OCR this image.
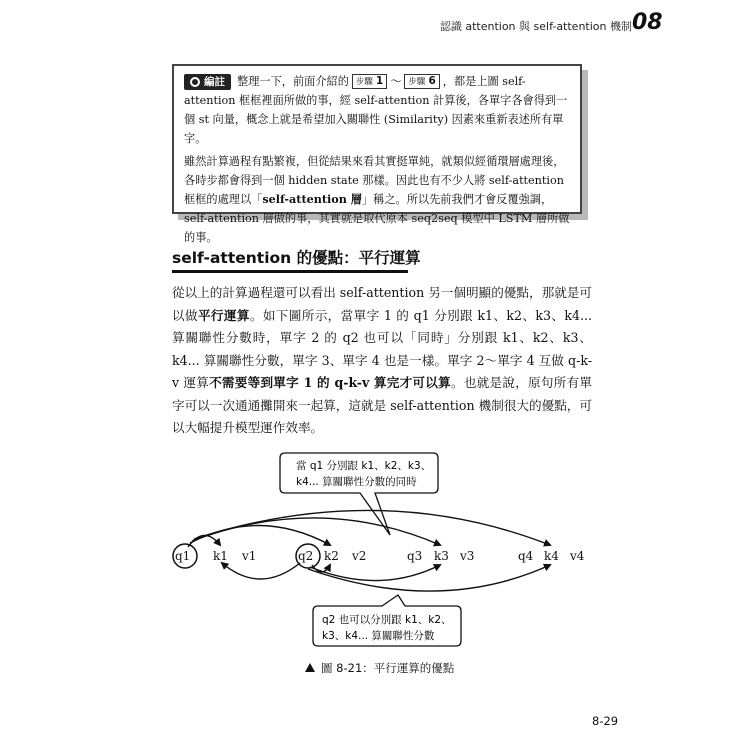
認識 attention 與 self-attention 機制 08

編註 整理一下，前面介紹的 步驟 1 ～ 步驟 6 ，都是上圖 self-attention 框框裡面所做的事，經 self-attention 計算後，各單字各會得到一個 st 向量，概念上就是希望加入關聯性 (Similarity) 因素來重新表述所有單字。

雖然計算過程有點繁複，但從結果來看其實挺單純，就類似經循環層處理後，各時步都會得到一個 hidden state 那樣。因此也有不少人將 self-attention 框框的處理以「self-attention 層」稱之。所以先前我們才會反覆強調，self-attention 層做的事，其實就是取代原本 seq2seq 模型中 LSTM 層所做的事。

self-attention 的優點：平行運算

從以上的計算過程還可以看出 self-attention 另一個明顯的優點，那就是可以做平行運算。如下圖所示，當單字 1 的 q1 分別跟 k1、k2、k3、k4... 算關聯性分數時，單字 2 的 q2 也可以「同時」分別跟 k1、k2、k3、k4... 算關聯性分數，單字 3、單字 4 也是一樣。單字 2～單字 4 互做 q-k-v 運算不需要等到單字 1 的 q-k-v 算完才可以算。也就是說，原句所有單字可以一次通通攤開來一起算，這就是 self-attention 機制很大的優點，可以大幅提升模型運作效率。

當 q1 分別跟 k1、k2、k3、
k4... 算關聯性分數的同時
q1 k1 v1	q2 k2 v2	q3 k3 v3	q4 k4 v4
q2 也可以分別跟 k1、k2、
k3、k4... 算關聯性分數
圖 8-21：平行運算的優點
8-29
